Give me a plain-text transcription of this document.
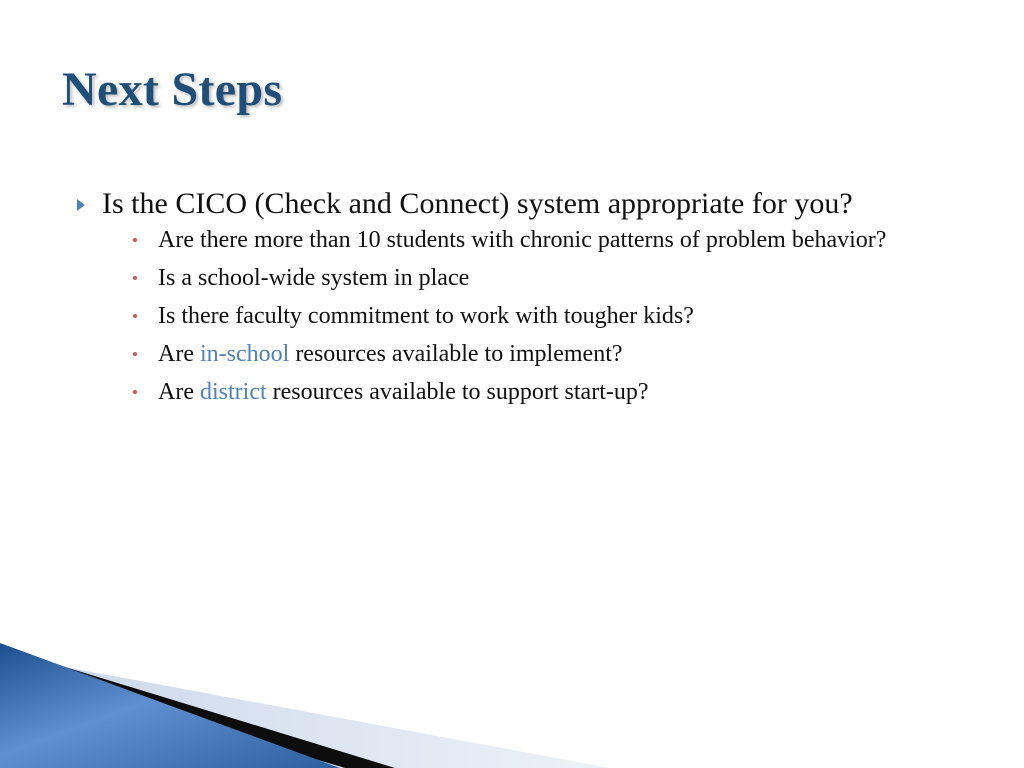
Next Steps
Is the CICO (Check and Connect) system appropriate for you?
Are there more than 10 students with chronic patterns of problem behavior?
Is a school-wide system in place
Is there faculty commitment to work with tougher kids?
Are in-school resources available to implement?
Are district resources available to support start-up?
